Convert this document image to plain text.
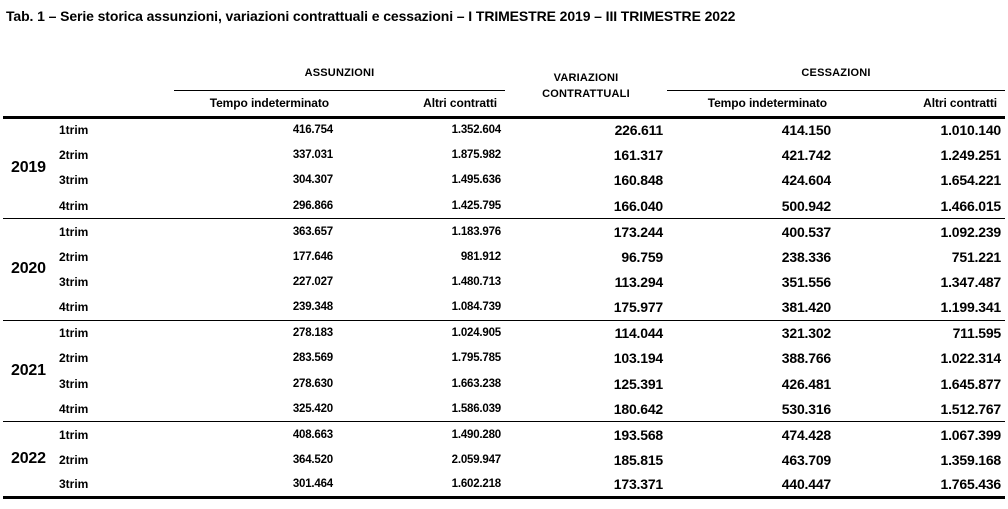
Tab. 1 – Serie storica assunzioni, variazioni contrattuali e cessazioni – I TRIMESTRE 2019 – III TRIMESTRE 2022
		ASSUNZIONI		VARIAZIONI
CONTRATTUALI	CESSAZIONI	
		Tempo indeterminato	Altri contratti		Tempo indeterminato	Altri contratti
2019	1trim	416.754	1.352.604	226.611	414.150	1.010.140
	2trim	337.031	1.875.982	161.317	421.742	1.249.251
	3trim	304.307	1.495.636	160.848	424.604	1.654.221
	4trim	296.866	1.425.795	166.040	500.942	1.466.015
2020	1trim	363.657	1.183.976	173.244	400.537	1.092.239
	2trim	177.646	981.912	96.759	238.336	751.221
	3trim	227.027	1.480.713	113.294	351.556	1.347.487
	4trim	239.348	1.084.739	175.977	381.420	1.199.341
2021	1trim	278.183	1.024.905	114.044	321.302	711.595
	2trim	283.569	1.795.785	103.194	388.766	1.022.314
	3trim	278.630	1.663.238	125.391	426.481	1.645.877
	4trim	325.420	1.586.039	180.642	530.316	1.512.767
2022	1trim	408.663	1.490.280	193.568	474.428	1.067.399
	2trim	364.520	2.059.947	185.815	463.709	1.359.168
	3trim	301.464	1.602.218	173.371	440.447	1.765.436
